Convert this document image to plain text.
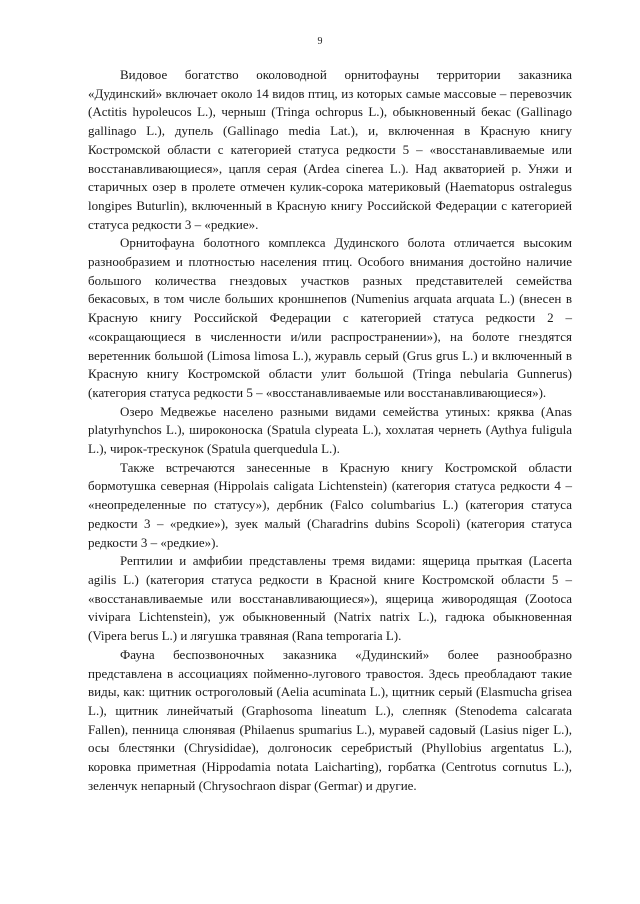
9

Видовое богатство околоводной орнитофауны территории заказника «Дудинский» включает около 14 видов птиц, из которых самые массовые – перевозчик (Actitis hypoleucos L.), черныш (Tringa ochropus L.), обыкновенный бекас (Gallinago gallinago L.), дупель (Gallinago media Lat.), и, включенная в Красную книгу Костромской области с категорией статуса редкости 5 – «восстанавливаемые или восстанавливающиеся», цапля серая (Ardea cinerea L.). Над акваторией р. Унжи и старичных озер в пролете отмечен кулик-сорока материковый (Haematopus ostralegus longipes Buturlin), включенный в Красную книгу Российской Федерации с категорией статуса редкости 3 – «редкие».

Орнитофауна болотного комплекса Дудинского болота отличается высоким разнообразием и плотностью населения птиц. Особого внимания достойно наличие большого количества гнездовых участков разных представителей семейства бекасовых, в том числе больших кроншнепов (Numenius arquata arquata L.) (внесен в Красную книгу Российской Федерации с категорией статуса редкости 2 – «сокращающиеся в численности и/или распространении»), на болоте гнездятся веретенник большой (Limosa limosa L.), журавль серый (Grus grus L.) и включенный в Красную книгу Костромской области улит большой (Tringa nebularia Gunnerus) (категория статуса редкости 5 – «восстанавливаемые или восстанавливающиеся»).

Озеро Медвежье населено разными видами семейства утиных: кряква (Anas platyrhynchos L.), широконоска (Spatula clypeata L.), хохлатая чернеть (Aythya fuligula L.), чирок-трескунок (Spatula querquedula L.).

Также встречаются занесенные в Красную книгу Костромской области бормотушка северная (Hippolais caligata Lichtenstein) (категория статуса редкости 4 – «неопределенные по статусу»), дербник (Falco columbarius L.) (категория статуса редкости 3 – «редкие»), зуек малый (Charadrins dubins Scopoli) (категория статуса редкости 3 – «редкие»).

Рептилии и амфибии представлены тремя видами: ящерица прыткая (Lacerta agilis L.) (категория статуса редкости в Красной книге Костромской области 5 – «восстанавливаемые или восстанавливающиеся»), ящерица живородящая (Zootoca vivipara Lichtenstein), уж обыкновенный (Natrix natrix L.), гадюка обыкновенная (Vipera berus L.) и лягушка травяная (Rana temporaria L).

Фауна беспозвоночных заказника «Дудинский» более разнообразно представлена в ассоциациях пойменно-лугового травостоя. Здесь преобладают такие виды, как: щитник остроголовый (Aelia acuminata L.), щитник серый (Elasmucha grisea L.), щитник линейчатый (Graphosoma lineatum L.), слепняк (Stenodema calcarata Fallen), пенница слюнявая (Philaenus spumarius L.), муравей садовый (Lasius niger L.), осы блестянки (Chrysididae), долгоносик серебристый (Phyllobius argentatus L.), коровка приметная (Hippodamia notata Laicharting), горбатка (Centrotus cornutus L.), зеленчук непарный (Chrysochraon dispar (Germar) и другие.
